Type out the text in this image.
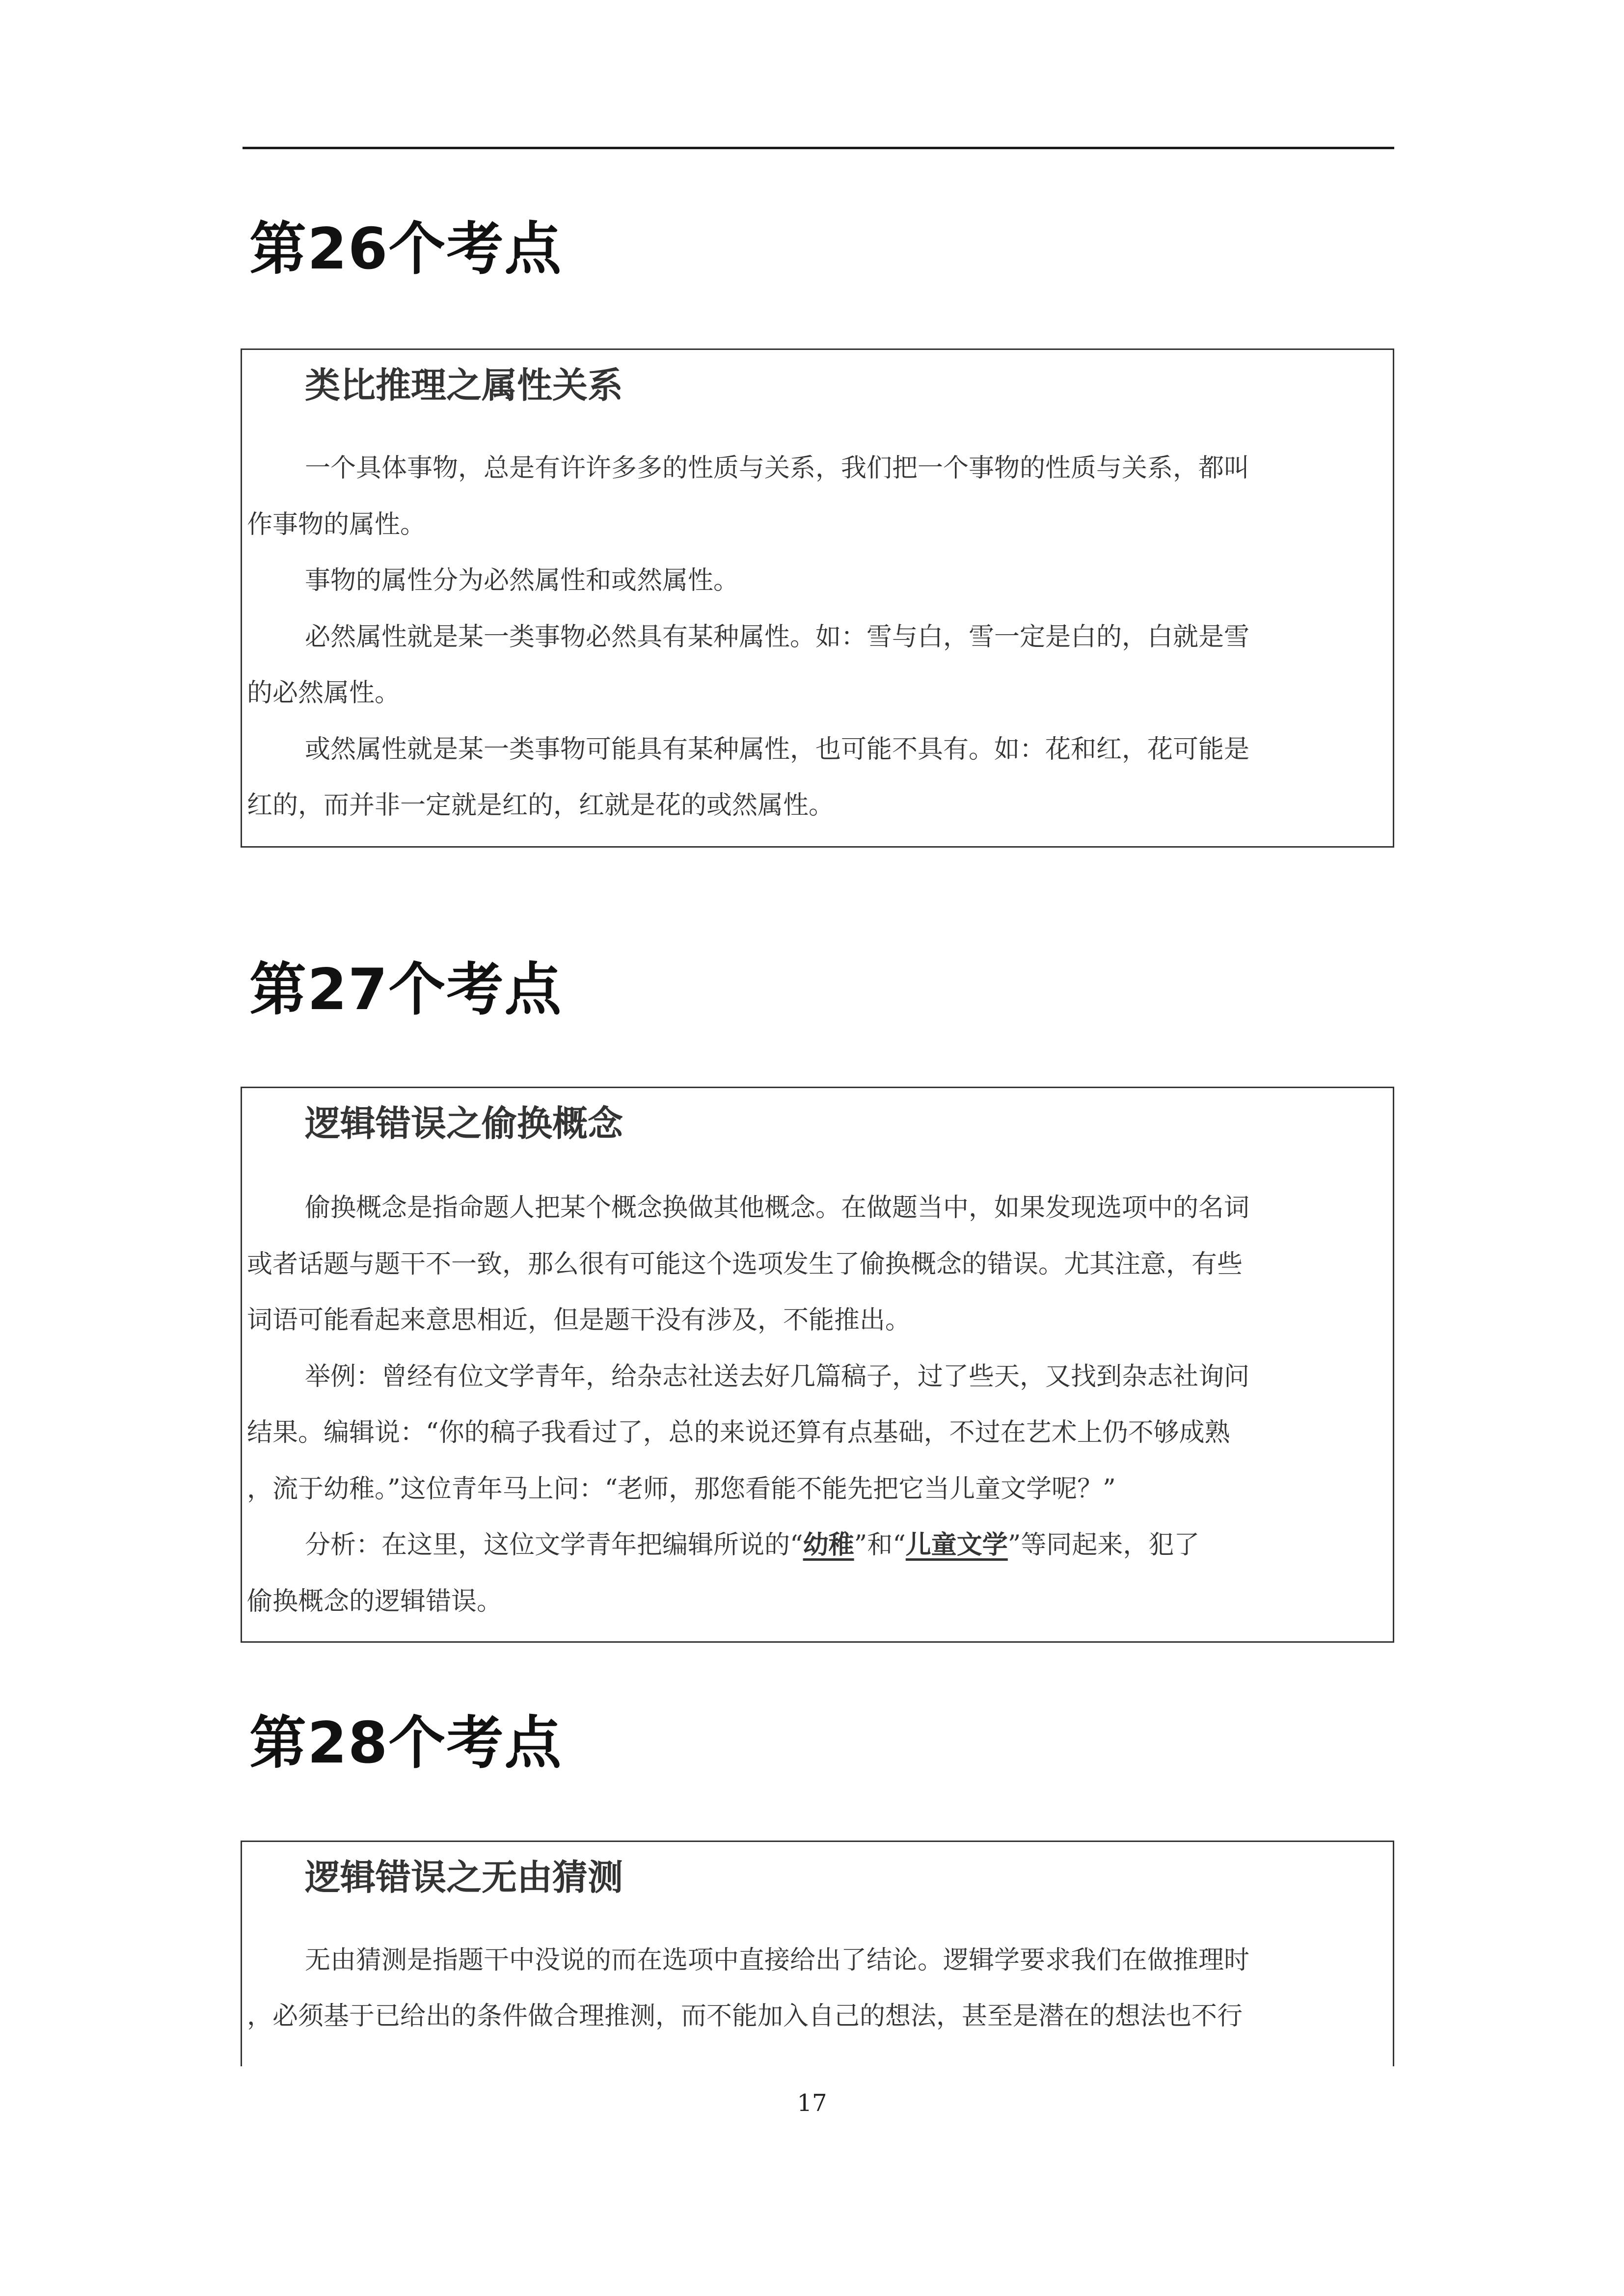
第26个考点
类比推理之属性关系

一个具体事物，总是有许许多多的性质与关系，我们把一个事物的性质与关系，都叫

作事物的属性。

事物的属性分为必然属性和或然属性。

必然属性就是某一类事物必然具有某种属性。如：雪与白，雪一定是白的，白就是雪

的必然属性。

或然属性就是某一类事物可能具有某种属性，也可能不具有。如：花和红，花可能是

红的，而并非一定就是红的，红就是花的或然属性。

第27个考点
逻辑错误之偷换概念

偷换概念是指命题人把某个概念换做其他概念。在做题当中，如果发现选项中的名词

或者话题与题干不一致，那么很有可能这个选项发生了偷换概念的错误。尤其注意，有些

词语可能看起来意思相近，但是题干没有涉及，不能推出。

举例：曾经有位文学青年，给杂志社送去好几篇稿子，过了些天，又找到杂志社询问

结果。编辑说：“你的稿子我看过了，总的来说还算有点基础，不过在艺术上仍不够成熟

，流于幼稚。”这位青年马上问：“老师，那您看能不能先把它当儿童文学呢？”

分析：在这里，这位文学青年把编辑所说的“幼稚”和“儿童文学”等同起来，犯了

偷换概念的逻辑错误。

第28个考点
逻辑错误之无由猜测

无由猜测是指题干中没说的而在选项中直接给出了结论。逻辑学要求我们在做推理时

，必须基于已给出的条件做合理推测，而不能加入自己的想法，甚至是潜在的想法也不行

17
